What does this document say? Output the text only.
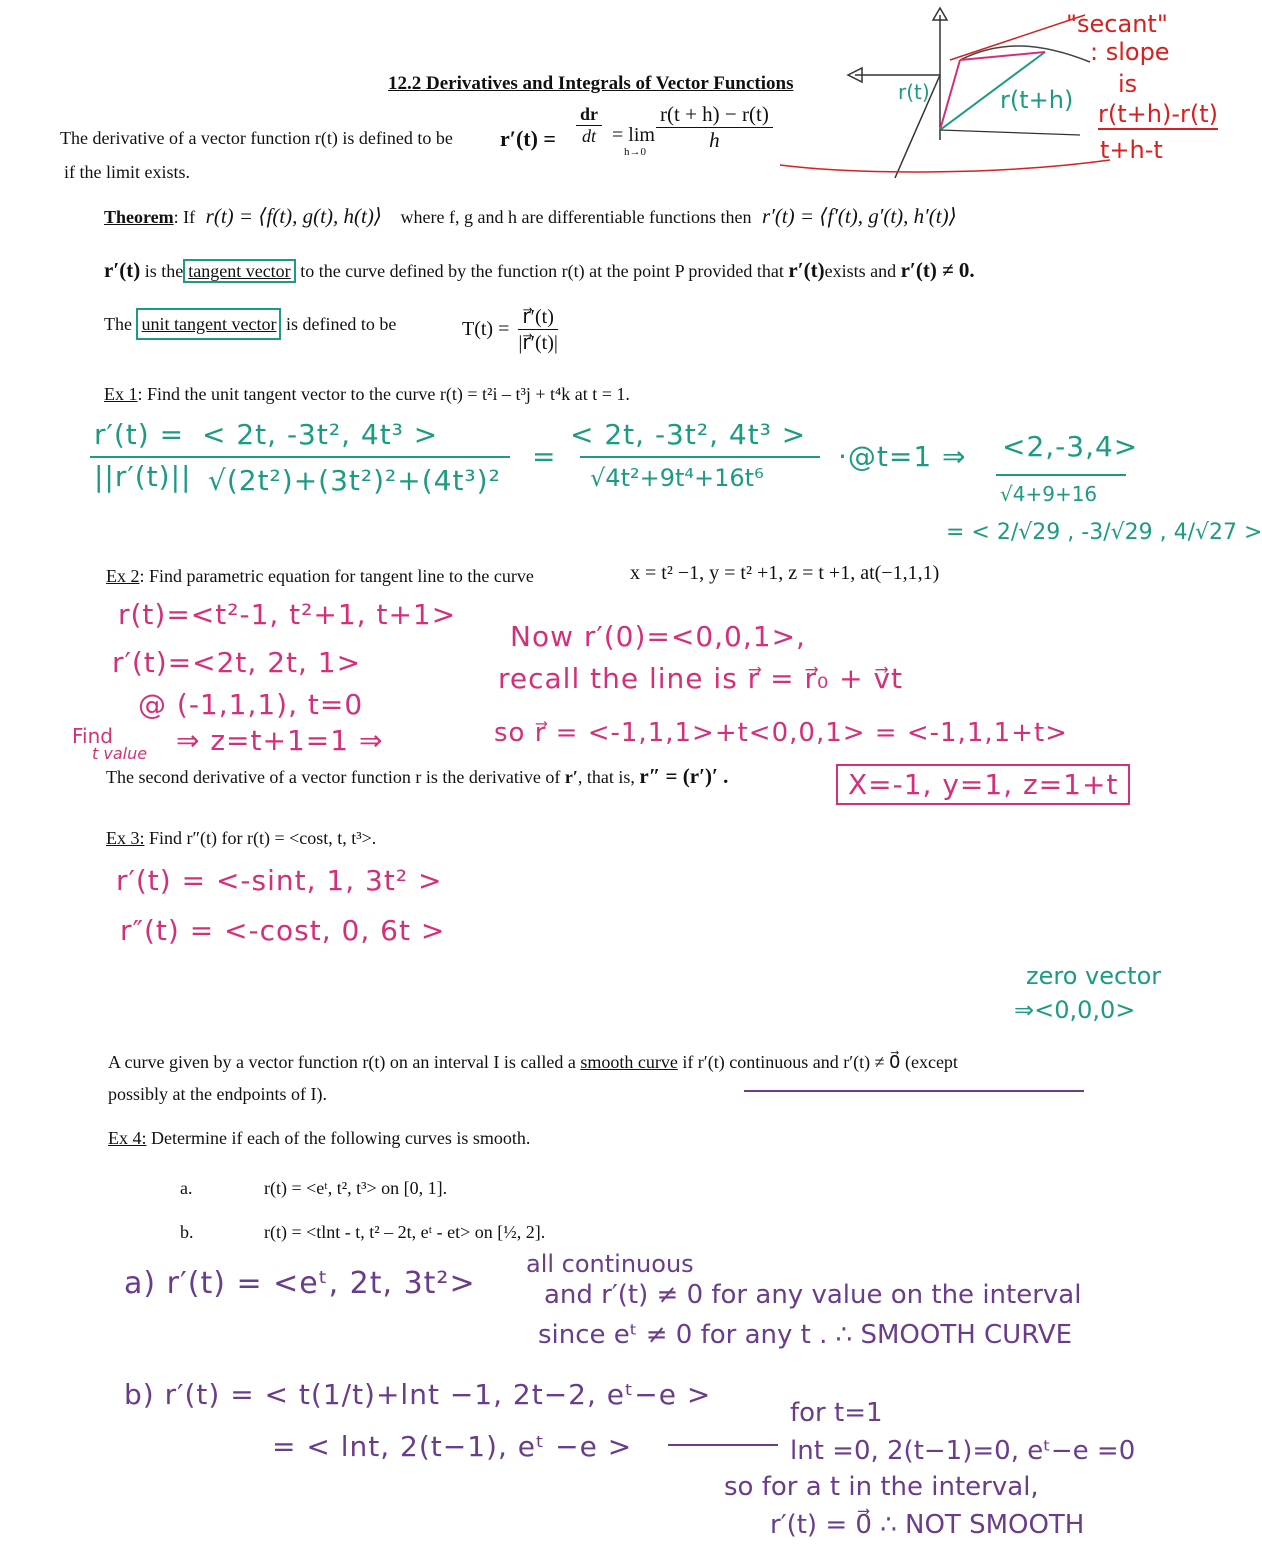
12.2 Derivatives and Integrals of Vector Functions	r(t)	r(t+h)
"secant"
: slope
is
r(t+h)-r(t)
t+h-t
The derivative of a vector function r(t) is defined to be $r'(t) = \frac{dr}{dt} = \lim$
$h\to 0 \frac{r(t + h) - r(t)}{h}$
if the limit exists.
Theorem: If r(t) = ⟨f(t), g(t), h(t)⟩ where f, g and h are differentiable functions then r′(t) = ⟨f′(t), g′(t), h′(t)⟩
r′(t) is the tangent vector to the curve defined by the function r(t) at the point P provided that r′(t)exists and r′(t) ≠ 0.
The unit tangent vector is defined to be	$T(t) = \frac{r⃗'(t)}{|r⃗'(t)|}$
Ex 1: Find the unit tangent vector to the curve r(t) = t²i – t³j + t⁴k at t = 1.
r′(t) = < 2t, -3t², 4t³ >
||r′(t)|| √(2t²)+(3t²)²+(4t³)²
=
< 2t, -3t², 4t³ >
√4t²+9t⁴+16t⁶
·@t=1 ⇒ <2,-3,4>
√4+9+16
= < 2/√29 , -3/√29 , 4/√27 >
Ex 2: Find parametric equation for tangent line to the curve	x = t² −1, y = t² +1, z = t +1, at(−1,1,1)
r(t)=<t²-1, t²+1, t+1>
r′(t)=<2t, 2t, 1>
@ (-1,1,1), t=0
Find
t value ⇒ z=t+1=1 ⇒
Now r′(0)=<0,0,1>,
recall the line is r⃗ = r⃗₀ + v⃗t
so r⃗ = <-1,1,1>+t<0,0,1> = <-1,1,1+t>
X=-1, y=1, z=1+t
The second derivative of a vector function r is the derivative of r′, that is, r″ = (r′)′ .
Ex 3: Find r″(t) for r(t) = <cost, t, t³>.
r′(t) = <-sint, 1, 3t² >
r″(t) = <-cost, 0, 6t >
zero vector
⇒<0,0,0>
A curve given by a vector function r(t) on an interval I is called a smooth curve if r′(t) continuous and r′(t) ≠ 0⃗ (except
possibly at the endpoints of I).
Ex 4: Determine if each of the following curves is smooth.
a.	r(t) = <eᵗ, t², t³> on [0, 1].
b.	r(t) = <tlnt - t, t² – 2t, eᵗ - et> on [½, 2].
a) r′(t) = <eᵗ, 2t, 3t²>
all continuous
and r′(t) ≠ 0 for any value on the interval
since eᵗ ≠ 0 for any t . ∴ SMOOTH CURVE
b) r′(t) = < t(1/t)+lnt −1, 2t−2, eᵗ−e >
= < lnt, 2(t−1), eᵗ −e >
for t=1
lnt =0, 2(t−1)=0, eᵗ−e =0
so for a t in the interval,
r′(t) = 0⃗ ∴ NOT SMOOTH
